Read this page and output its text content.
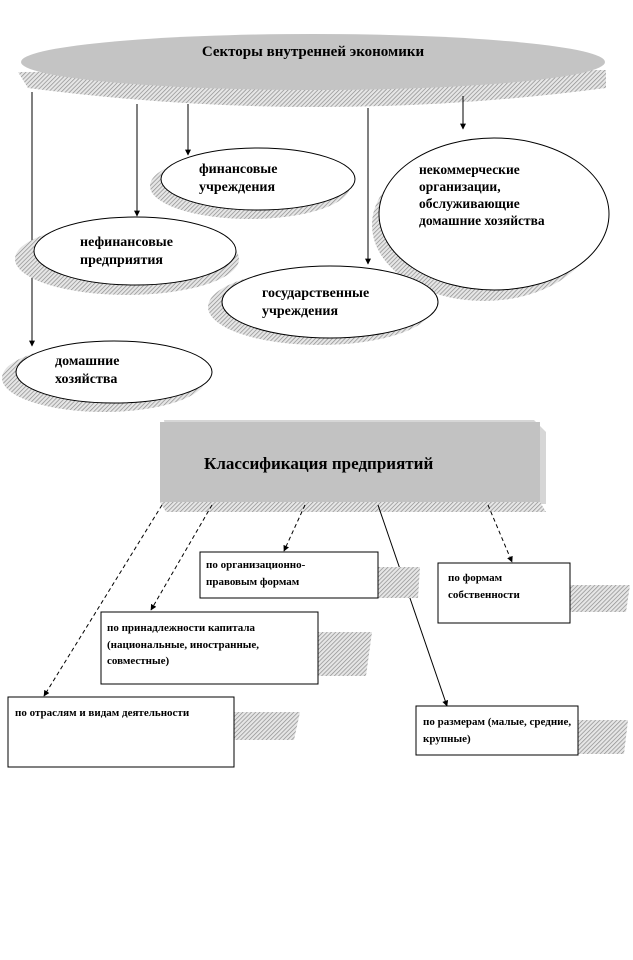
Секторы внутренней экономики
финансовые учреждения
нефинансовые предприятия
некоммерческие организации, обслуживающие домашние хозяйства
государственные учреждения
домашние хозяйства
Классификация предприятий
по организационно-правовым формам	по формам собственности
по принадлежности капитала (национальные, иностранные, совместные)
по отраслям и видам деятельности
по размерам (малые, средние, крупные)
